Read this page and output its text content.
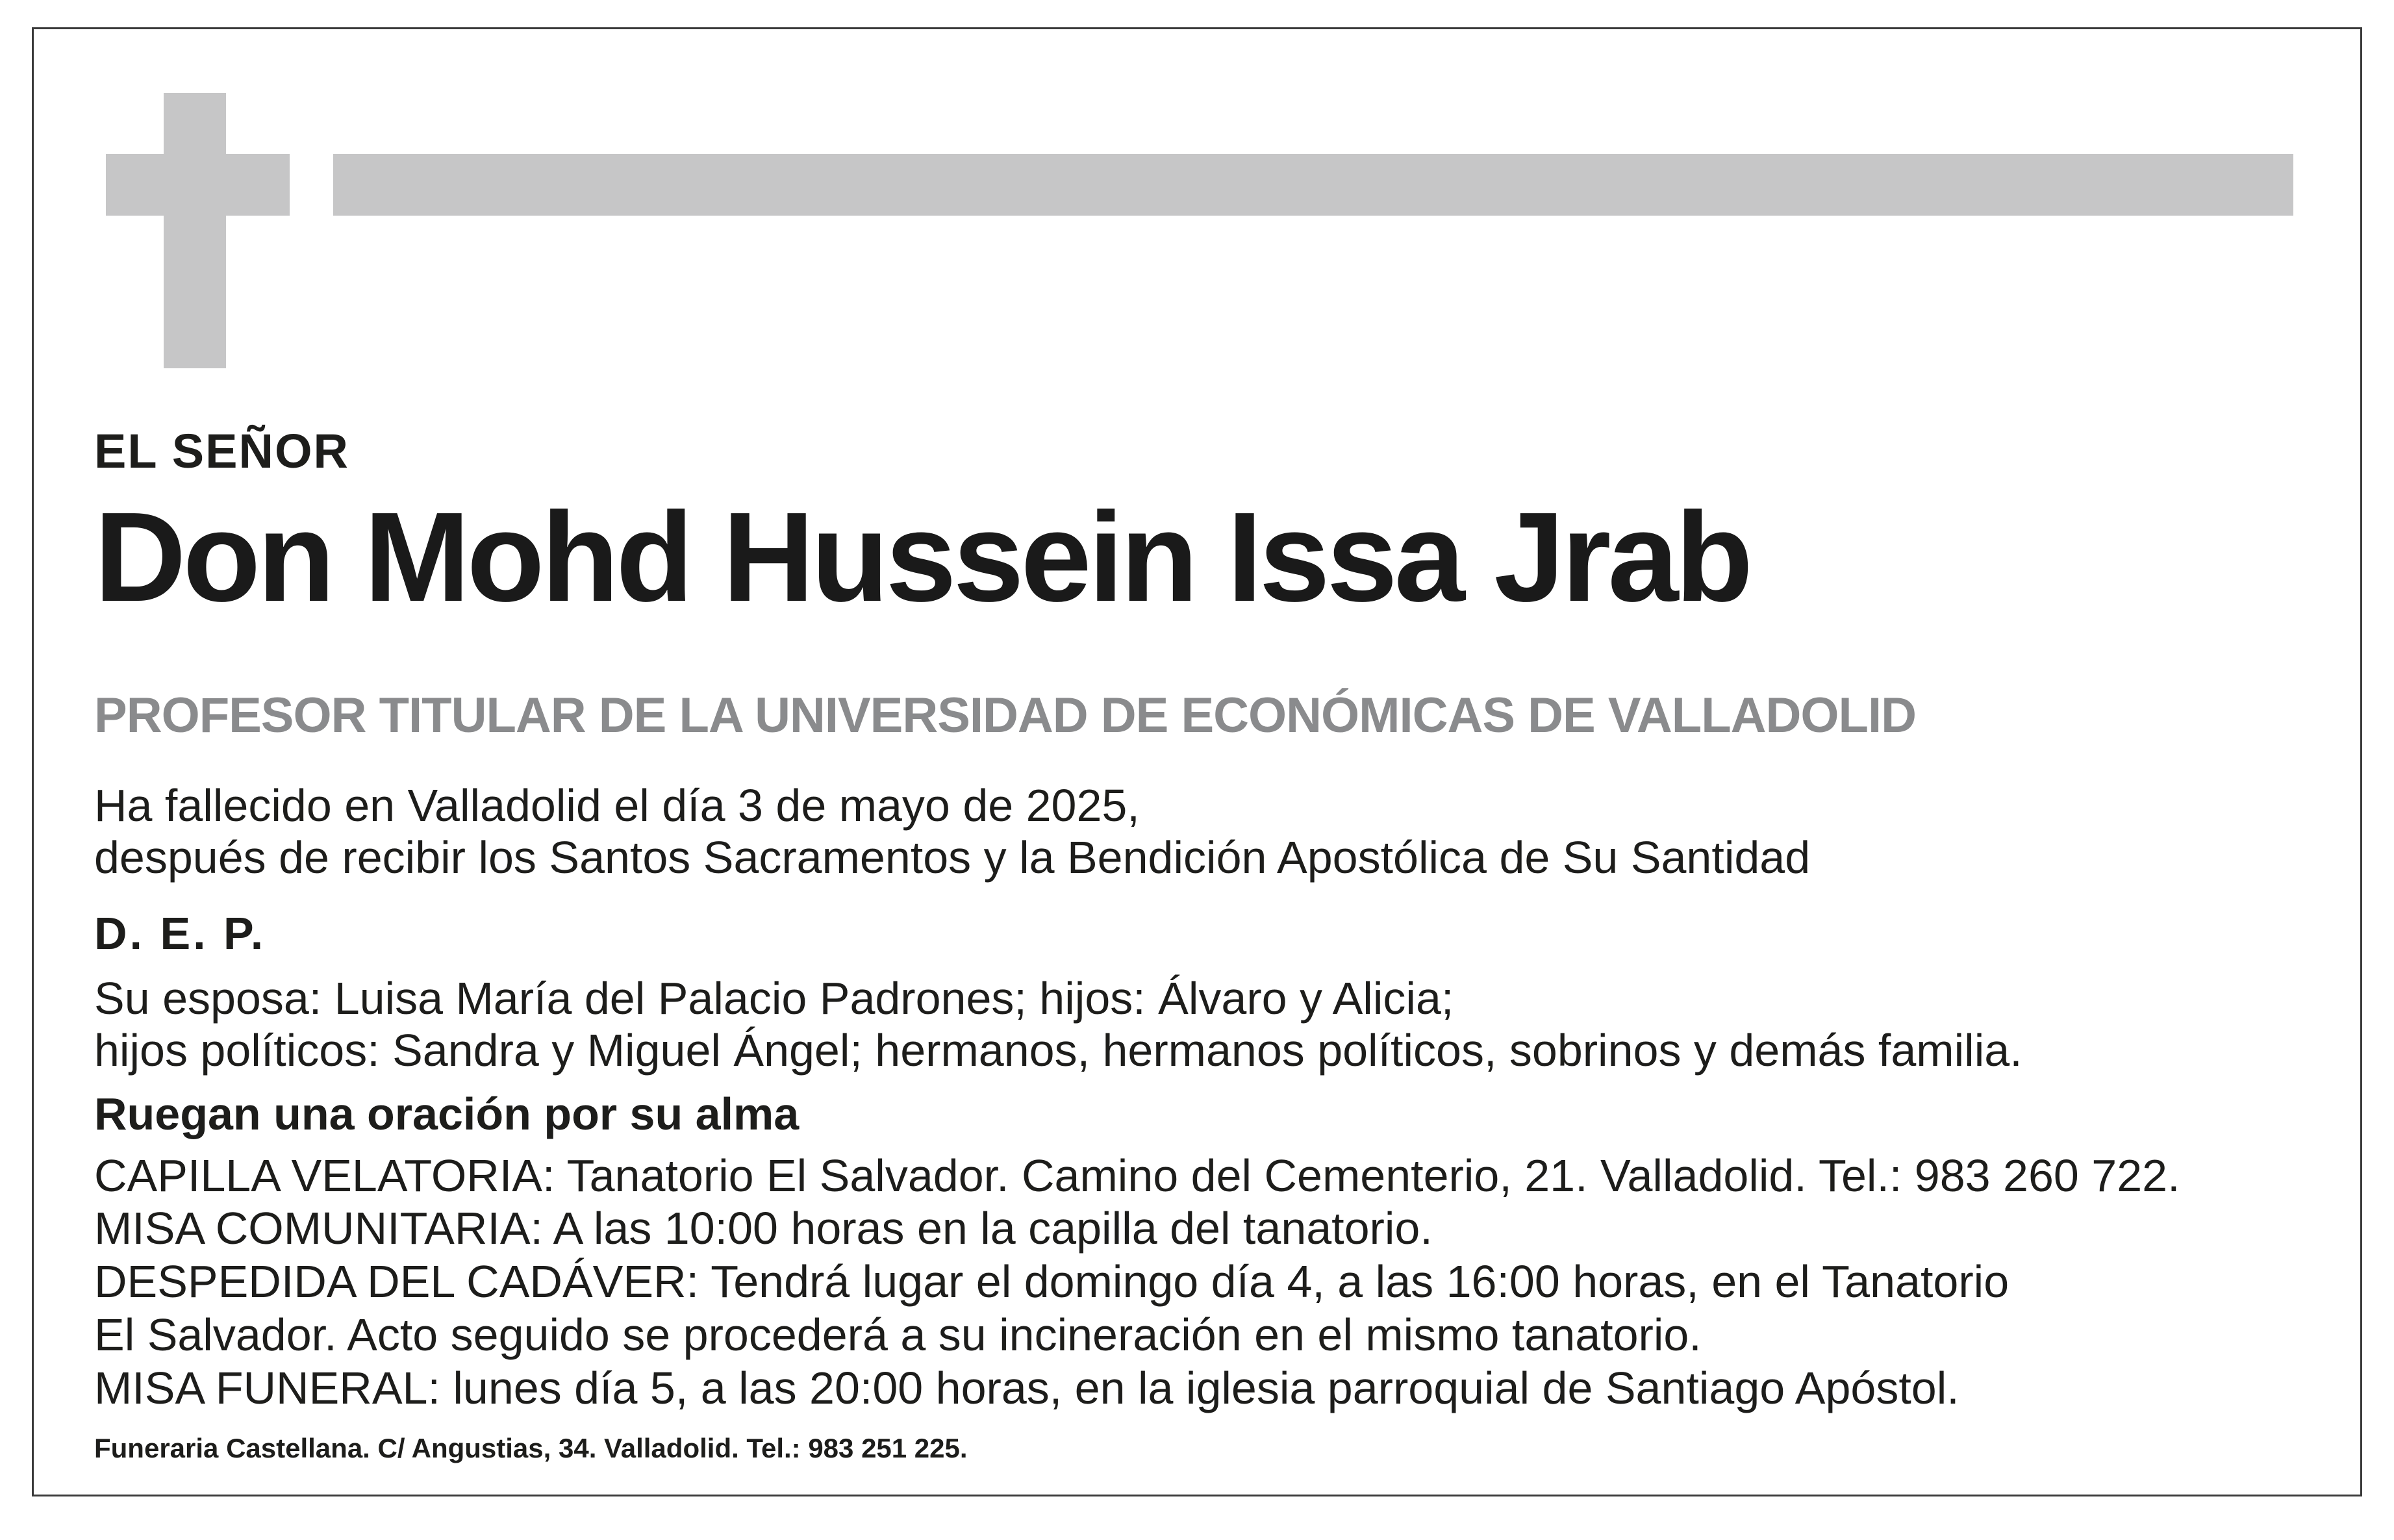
EL SEÑOR

Don Mohd Hussein Issa Jrab

PROFESOR TITULAR DE LA UNIVERSIDAD DE ECONÓMICAS DE VALLADOLID

Ha fallecido en Valladolid el día 3 de mayo de 2025,

después de recibir los Santos Sacramentos y la Bendición Apostólica de Su Santidad

D. E. P.

Su esposa: Luisa María del Palacio Padrones; hijos: Álvaro y Alicia;

hijos políticos: Sandra y Miguel Ángel; hermanos, hermanos políticos, sobrinos y demás familia.

Ruegan una oración por su alma

CAPILLA VELATORIA: Tanatorio El Salvador. Camino del Cementerio, 21. Valladolid. Tel.: 983 260 722.

MISA COMUNITARIA: A las 10:00 horas en la capilla del tanatorio.

DESPEDIDA DEL CADÁVER: Tendrá lugar el domingo día 4, a las 16:00 horas, en el Tanatorio

El Salvador. Acto seguido se procederá a su incineración en el mismo tanatorio.

MISA FUNERAL: lunes día 5, a las 20:00 horas, en la iglesia parroquial de Santiago Apóstol.

Funeraria Castellana. C/ Angustias, 34. Valladolid. Tel.: 983 251 225.
